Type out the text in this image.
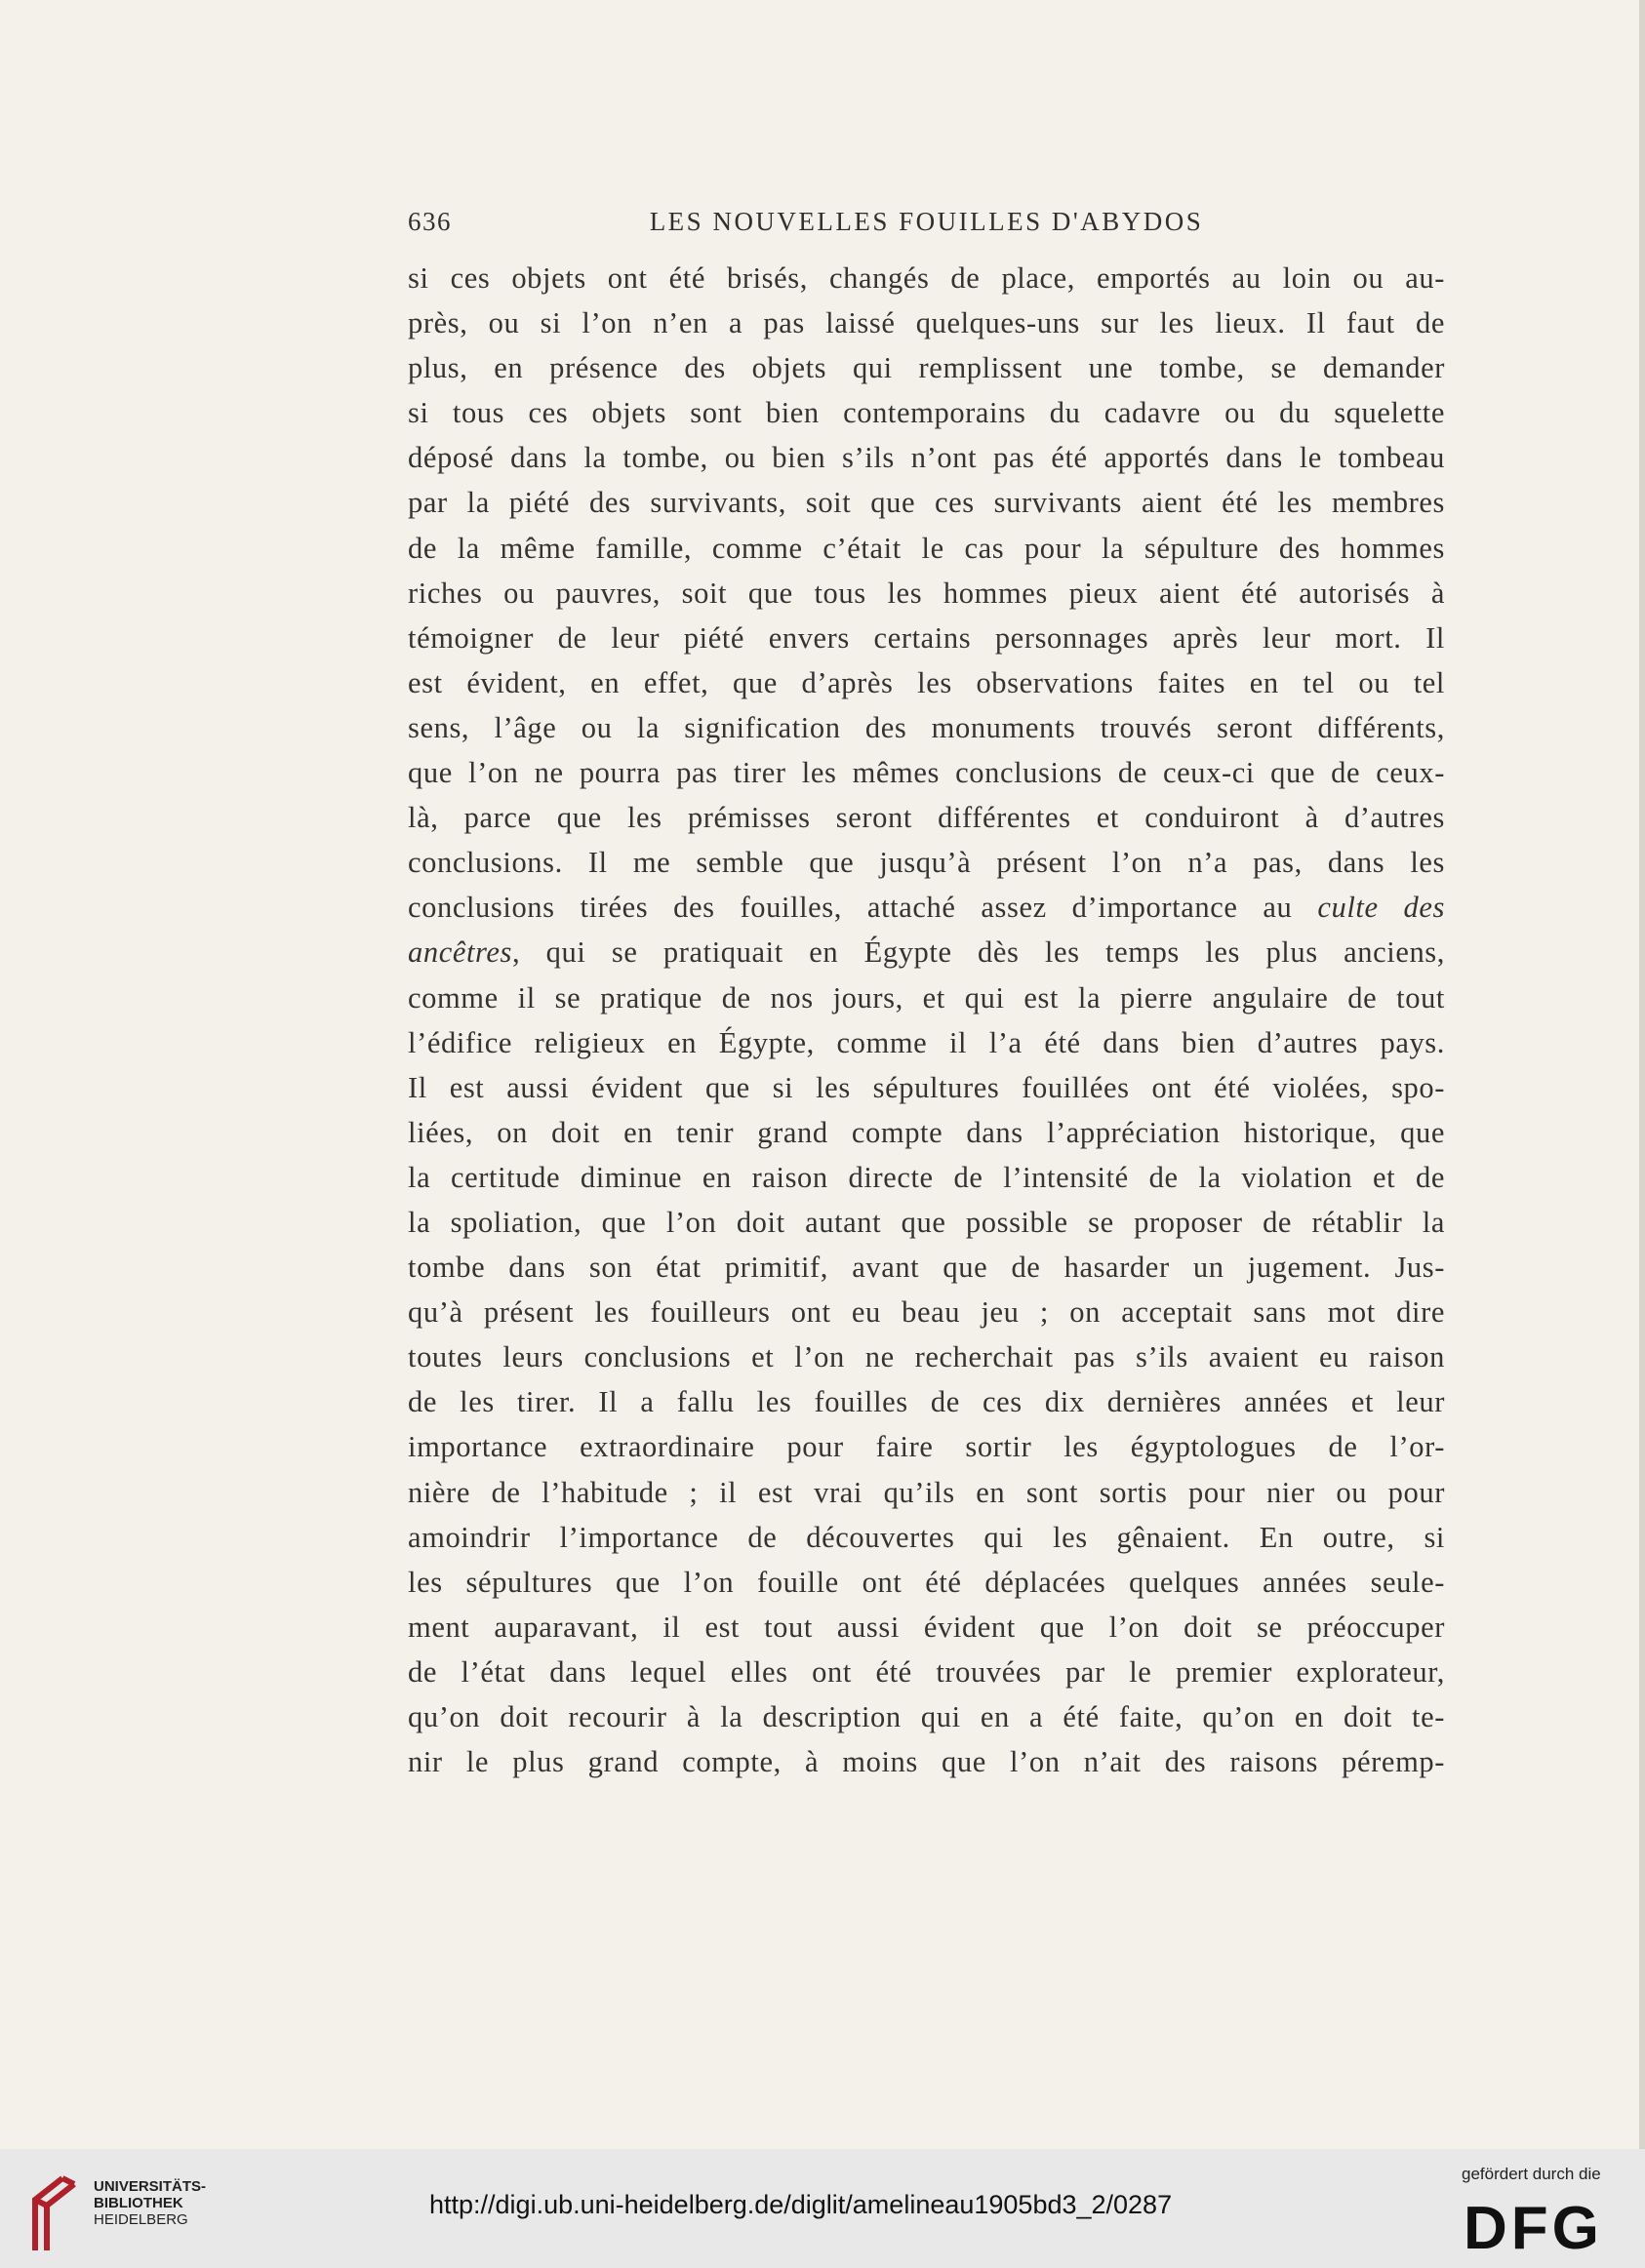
636	LES NOUVELLES FOUILLES D'ABYDOS
si ces objets ont été brisés, changés de place, emportés au loin ou au-
près, ou si l’on n’en a pas laissé quelques-uns sur les lieux. Il faut de
plus, en présence des objets qui remplissent une tombe, se demander
si tous ces objets sont bien contemporains du cadavre ou du squelette
déposé dans la tombe, ou bien s’ils n’ont pas été apportés dans le tombeau
par la piété des survivants, soit que ces survivants aient été les membres
de la même famille, comme c’était le cas pour la sépulture des hommes
riches ou pauvres, soit que tous les hommes pieux aient été autorisés à
témoigner de leur piété envers certains personnages après leur mort. Il
est évident, en effet, que d’après les observations faites en tel ou tel
sens, l’âge ou la signification des monuments trouvés seront différents,
que l’on ne pourra pas tirer les mêmes conclusions de ceux-ci que de ceux-
là, parce que les prémisses seront différentes et conduiront à d’autres
conclusions. Il me semble que jusqu’à présent l’on n’a pas, dans les
conclusions tirées des fouilles, attaché assez d’importance au culte des
ancêtres, qui se pratiquait en Égypte dès les temps les plus anciens,
comme il se pratique de nos jours, et qui est la pierre angulaire de tout
l’édifice religieux en Égypte, comme il l’a été dans bien d’autres pays.
Il est aussi évident que si les sépultures fouillées ont été violées, spo-
liées, on doit en tenir grand compte dans l’appréciation historique, que
la certitude diminue en raison directe de l’intensité de la violation et de
la spoliation, que l’on doit autant que possible se proposer de rétablir la
tombe dans son état primitif, avant que de hasarder un jugement. Jus-
qu’à présent les fouilleurs ont eu beau jeu ; on acceptait sans mot dire
toutes leurs conclusions et l’on ne recherchait pas s’ils avaient eu raison
de les tirer. Il a fallu les fouilles de ces dix dernières années et leur
importance extraordinaire pour faire sortir les égyptologues de l’or-
nière de l’habitude ; il est vrai qu’ils en sont sortis pour nier ou pour
amoindrir l’importance de découvertes qui les gênaient. En outre, si
les sépultures que l’on fouille ont été déplacées quelques années seule-
ment auparavant, il est tout aussi évident que l’on doit se préoccuper
de l’état dans lequel elles ont été trouvées par le premier explorateur,
qu’on doit recourir à la description qui en a été faite, qu’on en doit te-
nir le plus grand compte, à moins que l’on n’ait des raisons péremp-
UNIVERSITÄTS-
BIBLIOTHEK
HEIDELBERG
http://digi.ub.uni-heidelberg.de/diglit/amelineau1905bd3_2/0287
gefördert durch die
DFG
